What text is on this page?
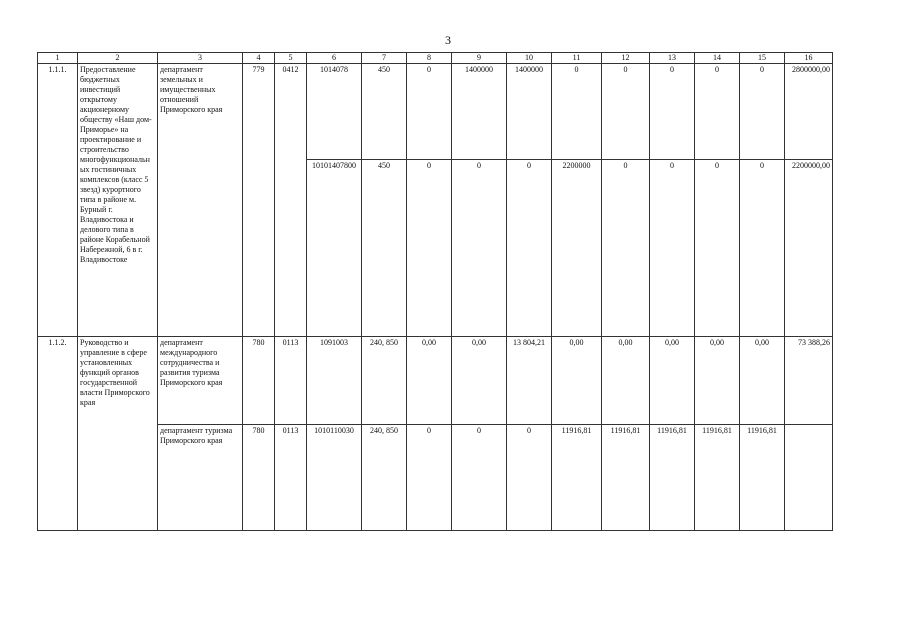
3
1	2	3	4	5	6	7	8	9	10	11	12	13	14	15	16
1.1.1.	Предоставление бюджетных инвестиций открытому акционерному обществу «Наш дом-Приморье» на проектирование и строительство многофункциональных гостиничных комплексов (класс 5 звезд) курортного типа в районе м. Бурный г. Владивостока и делового типа в районе Корабельной Набережной, 6 в г. Владивостоке	департамент земельных и имущественных отношений Приморского края	779	0412	1014078	450	0	1400000	1400000	0	0	0	0	0	2800000,00
					10101407800	450	0	0	0	2200000	0	0	0	0	2200000,00
1.1.2.	Руководство и управление в сфере установленных функций органов государственной власти Приморского края	департамент международного сотрудничества и развития туризма Приморского края	780	0113	1091003	240, 850	0,00	0,00	13 804,21	0,00	0,00	0,00	0,00	0,00	73 388,26
		департамент туризма Приморского края	780	0113	1010110030	240, 850	0	0	0	11916,81	11916,81	11916,81	11916,81	11916,81	
